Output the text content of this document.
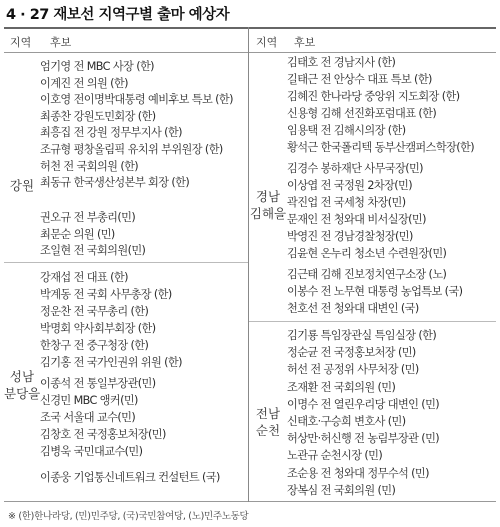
4 · 27 재보선 지역구별 출마 예상자
지역 후보	지역 후보
강원
엄기영 전 MBC 사장 (한)
이계진 전 의원 (한)
이호영 전이명박대통령 예비후보 특보 (한)
최종찬 강원도민회장 (한)
최흥집 전 강원 정무부지사 (한)
조규형 평창올림픽 유치위 부위원장 (한)
허천 전 국회의원 (한)
최동규 한국생산성본부 회장 (한)
권오규 전 부총리(민)
최문순 의원 (민)
조일현 전 국회의원(민)
성남
분당을
강재섭 전 대표 (한)
박계동 전 국회 사무총장 (한)
정운찬 전 국무총리 (한)
박명회 약사회부회장 (한)
한창구 전 중구청장 (한)
김기홍 전 국가인권위 위원 (한)
이종석 전 통일부장관(민)
신경민 MBC 앵커(민)
조국 서울대 교수(민)
김창호 전 국정홍보처장(민)
김병욱 국민대교수(민)
이종웅 기업통신네트워크 컨설턴트 (국)
경남
김해을
김태호 전 경남지사 (한)
길태근 전 안상수 대표 특보 (한)
김혜진 한나라당 중앙위 지도회장 (한)
신용형 김해 선진화포럼대표 (한)
임용택 전 김해시의장 (한)
황석근 한국폴리텍 동부산캠퍼스학장(한)
김경수 봉하재단 사무국장(민)
이상엽 전 국정원 2차장(민)
곽진업 전 국세청 차장(민)
문재인 전 청와대 비서실장(민)
박영진 전 경남경찰청장(민)
김윤현 온누리 청소년 수련원장(민)
김근태 김해 진보정치연구소장 (노)
이봉수 전 노무현 대통령 농업특보 (국)
천호선 전 청와대 대변인 (국)
전남
순천
김기룡 특임장관실 특임실장 (한)
정순균 전 국정홍보처장 (민)
허선 전 공정위 사무처장 (민)
조재환 전 국회의원 (민)
이명수 전 열린우리당 대변인 (민)
신태호·구승희 변호사 (민)
허상만·허신행 전 농림부장관 (민)
노관규 순천시장 (민)
조순용 전 청와대 정무수석 (민)
장복심 전 국회의원 (민)
※ (한)한나라당, (민)민주당, (국)국민참여당, (노)민주노동당
